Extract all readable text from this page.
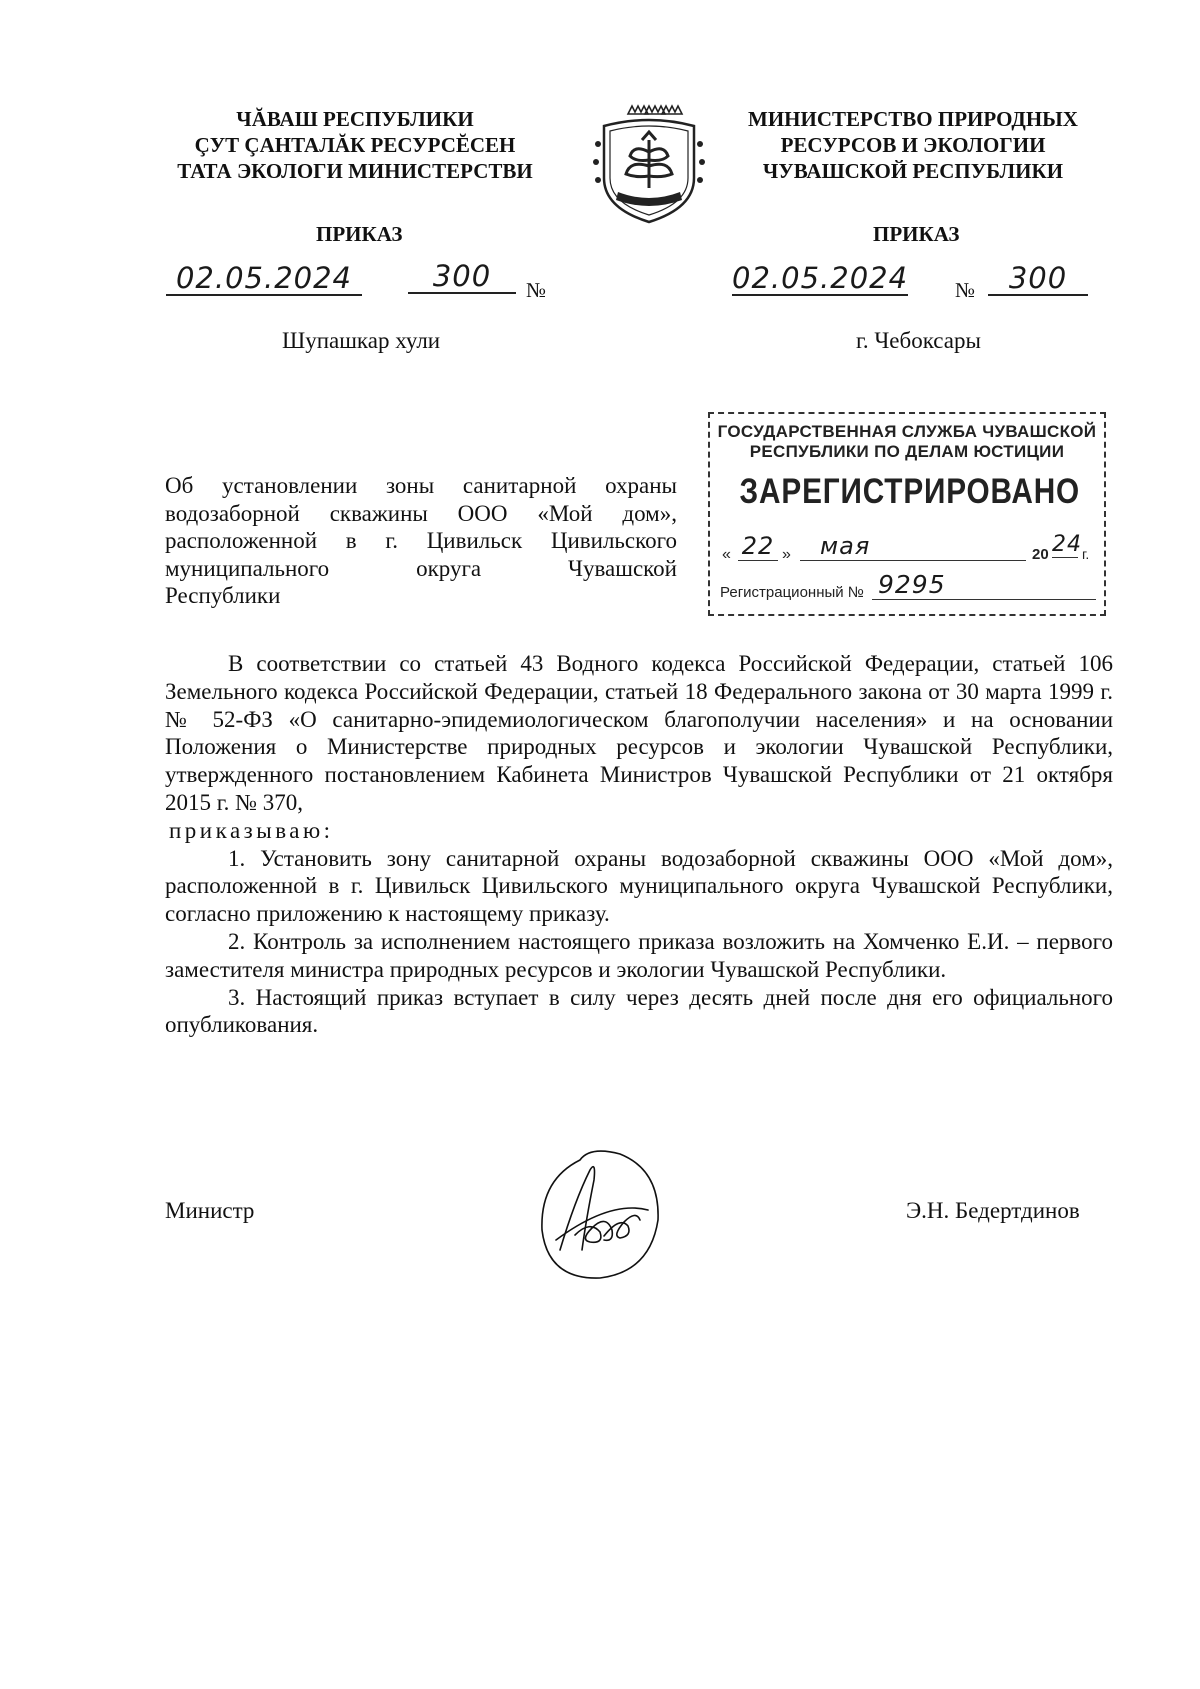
ЧĂВАШ РЕСПУБЛИКИ
ÇУТ ÇАНТАЛĂК РЕСУРСĔСЕН
ТАТА ЭКОЛОГИ МИНИСТЕРСТВИ
МИНИСТЕРСТВО ПРИРОДНЫХ
РЕСУРСОВ И ЭКОЛОГИИ
ЧУВАШСКОЙ РЕСПУБЛИКИ
ПРИКАЗ	ПРИКАЗ
02.05.2024	300	№	02.05.2024 №	300
Шупашкар хули	г. Чебоксары
ГОСУДАРСТВЕННАЯ СЛУЖБА ЧУВАШСКОЙ
РЕСПУБЛИКИ ПО ДЕЛАМ ЮСТИЦИИ
ЗАРЕГИСТРИРОВАНО
« 22 »	мая	20 24 г.
Регистрационный № 9295
Об установлении зоны санитарной охраны
водозаборной скважины ООО «Мой дом»,
расположенной в г. Цивильск Цивильского
муниципального округа Чувашской
Республики

В соответствии со статьей 43 Водного кодекса Российской Федерации, статьей 106 Земельного кодекса Российской Федерации, статьей 18 Федерального закона от 30 марта 1999 г. № 52-ФЗ «О санитарно-эпидемиологическом благополучии населения» и на основании Положения о Министерстве природных ресурсов и экологии Чувашской Республики, утвержденного постановлением Кабинета Министров Чувашской Республики от 21 октября 2015 г. № 370,

приказываю:

1. Установить зону санитарной охраны водозаборной скважины ООО «Мой дом», расположенной в г. Цивильск Цивильского муниципального округа Чувашской Республики, согласно приложению к настоящему приказу.

2. Контроль за исполнением настоящего приказа возложить на Хомченко Е.И. – первого заместителя министра природных ресурсов и экологии Чувашской Республики.

3. Настоящий приказ вступает в силу через десять дней после дня его официального опубликования.

Министр	Э.Н. Бедертдинов
